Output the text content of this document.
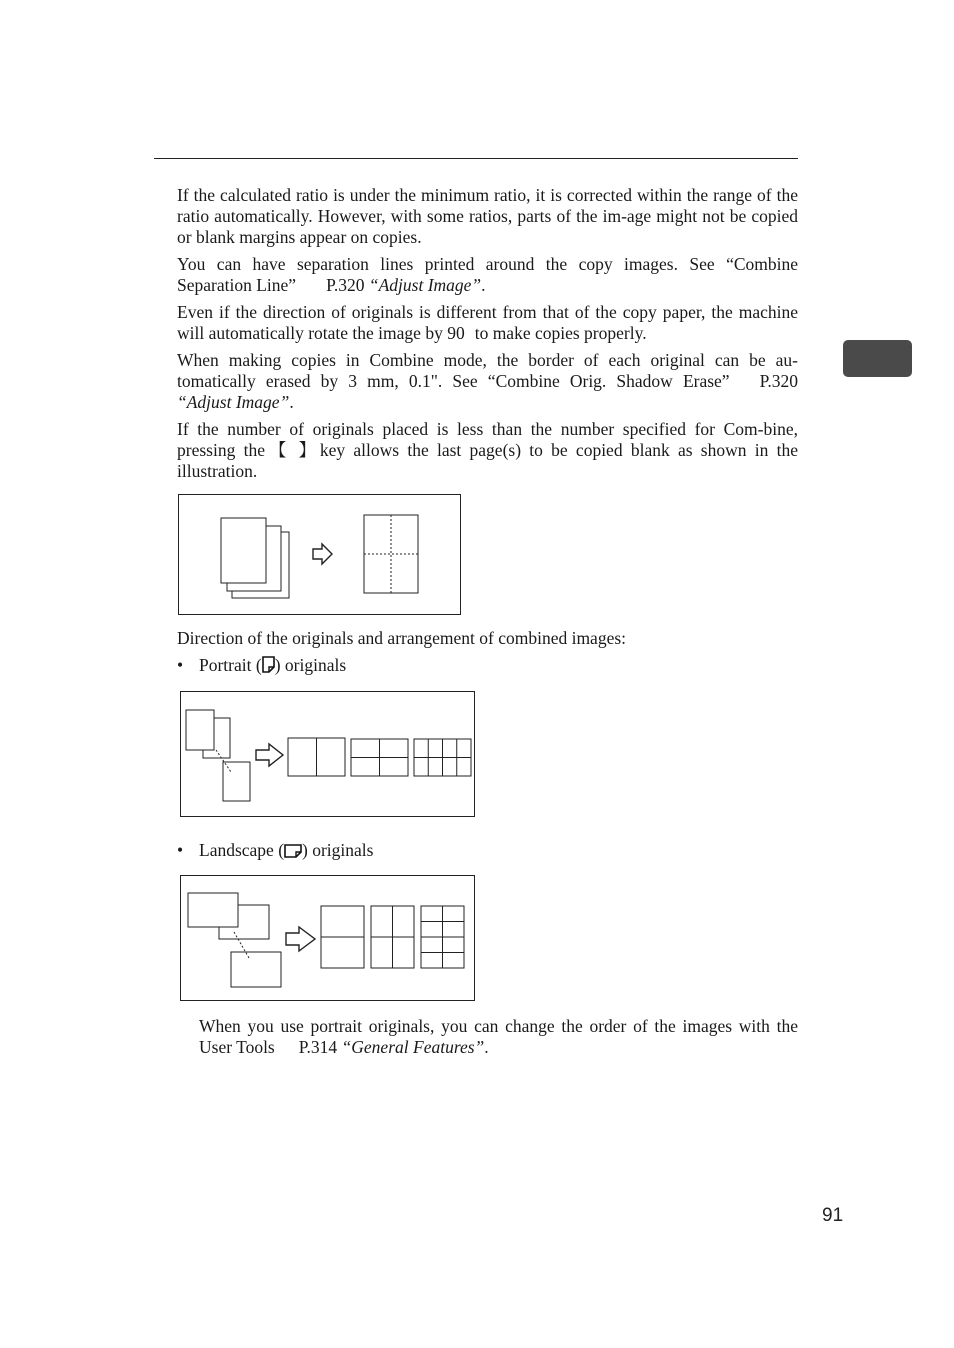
If the calculated ratio is under the minimum ratio, it is corrected within the range of the ratio automatically. However, with some ratios, parts of the im-age might not be copied or blank margins appear on copies.

You can have separation lines printed around the copy images. See “Combine Separation Line” P.320 “Adjust Image”.

Even if the direction of originals is different from that of the copy paper, the machine will automatically rotate the image by 90 to make copies properly.

When making copies in Combine mode, the border of each original can be au-tomatically erased by 3 mm, 0.1". See “Combine Orig. Shadow Erase” P.320 “Adjust Image”.

If the number of originals placed is less than the number specified for Com-bine, pressing the【 】key allows the last page(s) to be copied blank as shown in the illustration.

Direction of the originals and arrangement of combined images:

• Portrait ( ) originals
• Landscape ( ) originals

When you use portrait originals, you can change the order of the images with the User Tools P.314 “General Features”.

91
